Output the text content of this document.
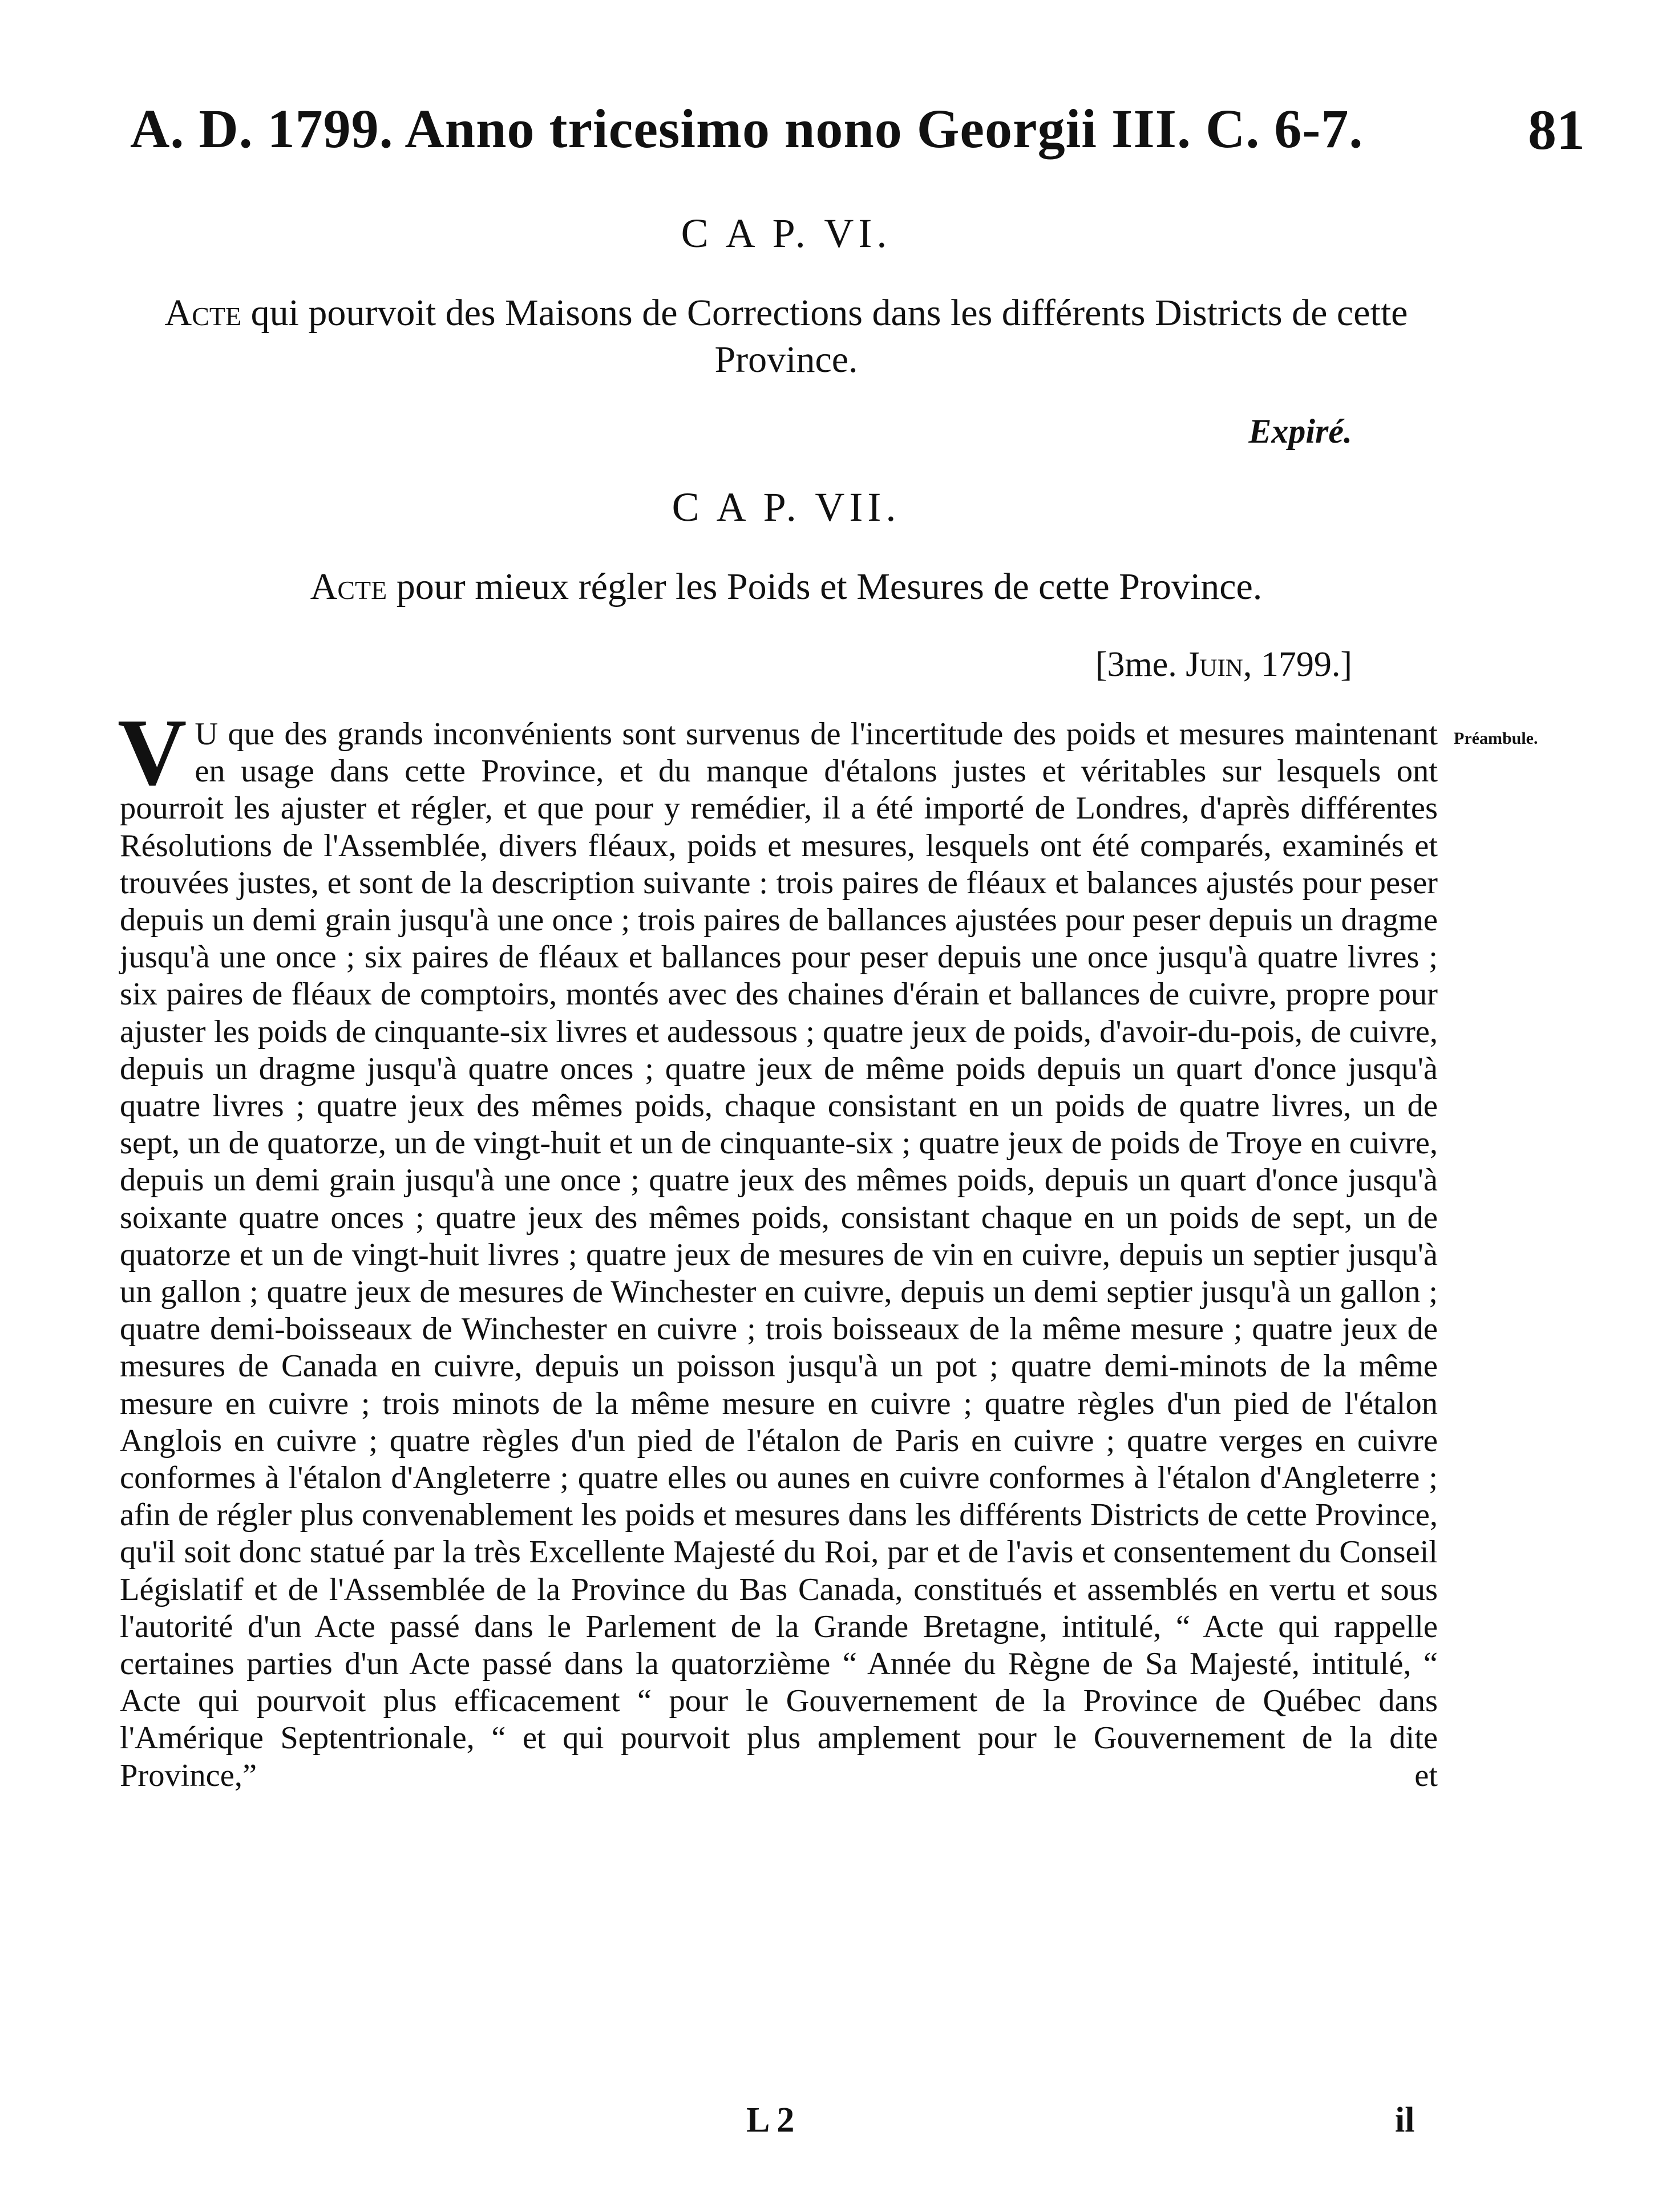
A. D. 1799. Anno tricesimo nono Georgii III. C. 6-7.	81
C A P. VI.
Acte qui pourvoit des Maisons de Corrections dans les différents Districts de cette Province.
Expiré.
C A P. VII.
Acte pour mieux régler les Poids et Mesures de cette Province.
[3me. Juin, 1799.]
Préambule.
V U que des grands inconvénients sont survenus de l'incertitude des poids et mesures maintenant en usage dans cette Province, et du manque d'étalons justes et véritables sur lesquels ont pourroit les ajuster et régler, et que pour y remédier, il a été importé de Londres, d'après différentes Résolutions de l'Assemblée, divers fléaux, poids et mesures, lesquels ont été comparés, examinés et trouvées justes, et sont de la description suivante : trois paires de fléaux et balances ajustés pour peser depuis un demi grain jusqu'à une once ; trois paires de ballances ajustées pour peser depuis un dragme jusqu'à une once ; six paires de fléaux et ballances pour peser depuis une once jusqu'à quatre livres ; six paires de fléaux de comptoirs, montés avec des chaines d'érain et ballances de cuivre, propre pour ajuster les poids de cinquante-six livres et audessous ; quatre jeux de poids, d'avoir-du-pois, de cuivre, depuis un dragme jusqu'à quatre onces ; quatre jeux de même poids depuis un quart d'once jusqu'à quatre livres ; quatre jeux des mêmes poids, chaque consistant en un poids de quatre livres, un de sept, un de quatorze, un de vingt-huit et un de cinquante-six ; quatre jeux de poids de Troye en cuivre, depuis un demi grain jusqu'à une once ; quatre jeux des mêmes poids, depuis un quart d'once jusqu'à soixante quatre onces ; quatre jeux des mêmes poids, consistant chaque en un poids de sept, un de quatorze et un de vingt-huit livres ; quatre jeux de mesures de vin en cuivre, depuis un septier jusqu'à un gallon ; quatre jeux de mesures de Winchester en cuivre, depuis un demi septier jusqu'à un gallon ; quatre demi-boisseaux de Winchester en cuivre ; trois boisseaux de la même mesure ; quatre jeux de mesures de Canada en cuivre, depuis un poisson jusqu'à un pot ; quatre demi-minots de la même mesure en cuivre ; trois minots de la même mesure en cuivre ; quatre règles d'un pied de l'étalon Anglois en cuivre ; quatre règles d'un pied de l'étalon de Paris en cuivre ; quatre verges en cuivre conformes à l'étalon d'Angleterre ; quatre elles ou aunes en cuivre conformes à l'étalon d'Angleterre ; afin de régler plus convenablement les poids et mesures dans les différents Districts de cette Province, qu'il soit donc statué par la très Excellente Majesté du Roi, par et de l'avis et consentement du Conseil Législatif et de l'Assemblée de la Province du Bas Canada, constitués et assemblés en vertu et sous l'autorité d'un Acte passé dans le Parlement de la Grande Bretagne, intitulé, “ Acte qui rappelle certaines parties d'un Acte passé dans la quatorzième “ Année du Règne de Sa Majesté, intitulé, “ Acte qui pourvoit plus efficacement “ pour le Gouvernement de la Province de Québec dans l'Amérique Septentrionale, “ et qui pourvoit plus amplement pour le Gouvernement de la dite Province,” et
L 2	il
